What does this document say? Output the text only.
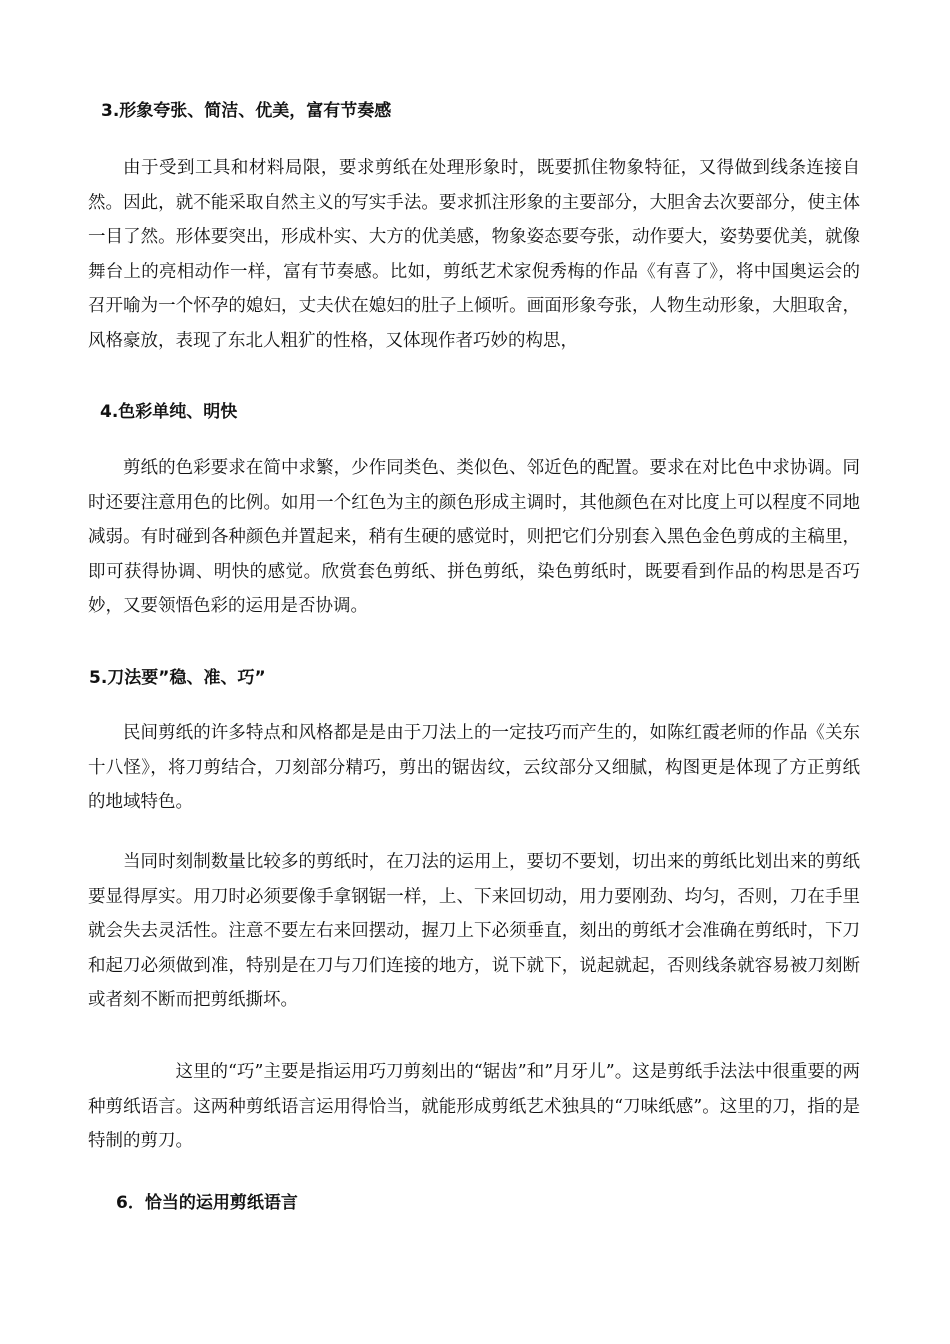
3.形象夸张、简洁、优美，富有节奏感
由于受到工具和材料局限，要求剪纸在处理形象时，既要抓住物象特征，又得做到线条连接自然。因此，就不能采取自然主义的写实手法。要求抓注形象的主要部分，大胆舍去次要部分，使主体一目了然。形体要突出，形成朴实、大方的优美感，物象姿态要夸张，动作要大，姿势要优美，就像舞台上的亮相动作一样，富有节奏感。比如，剪纸艺术家倪秀梅的作品《有喜了》，将中国奥运会的召开喻为一个怀孕的媳妇，丈夫伏在媳妇的肚子上倾听。画面形象夸张，人物生动形象，大胆取舍，风格豪放，表现了东北人粗犷的性格，又体现作者巧妙的构思，
4.色彩单纯、明快
剪纸的色彩要求在简中求繁，少作同类色、类似色、邻近色的配置。要求在对比色中求协调。同时还要注意用色的比例。如用一个红色为主的颜色形成主调时，其他颜色在对比度上可以程度不同地减弱。有时碰到各种颜色并置起来，稍有生硬的感觉时，则把它们分别套入黑色金色剪成的主稿里，即可获得协调、明快的感觉。欣赏套色剪纸、拼色剪纸，染色剪纸时，既要看到作品的构思是否巧妙，又要领悟色彩的运用是否协调。
5.刀法要”稳、准、巧”
民间剪纸的许多特点和风格都是是由于刀法上的一定技巧而产生的，如陈红霞老师的作品《关东十八怪》，将刀剪结合，刀刻部分精巧，剪出的锯齿纹，云纹部分又细腻，构图更是体现了方正剪纸的地域特色。
当同时刻制数量比较多的剪纸时，在刀法的运用上，要切不要划，切出来的剪纸比划出来的剪纸要显得厚实。用刀时必须要像手拿钢锯一样，上、下来回切动，用力要刚劲、均匀，否则，刀在手里就会失去灵活性。注意不要左右来回摆动，握刀上下必须垂直，刻出的剪纸才会准确在剪纸时，下刀和起刀必须做到准，特别是在刀与刀们连接的地方，说下就下，说起就起，否则线条就容易被刀刻断或者刻不断而把剪纸撕坏。
这里的“巧”主要是指运用巧刀剪刻出的“锯齿”和”月牙儿”。这是剪纸手法法中很重要的两种剪纸语言。这两种剪纸语言运用得恰当，就能形成剪纸艺术独具的“刀味纸感”。这里的刀，指的是特制的剪刀。
6．恰当的运用剪纸语言
